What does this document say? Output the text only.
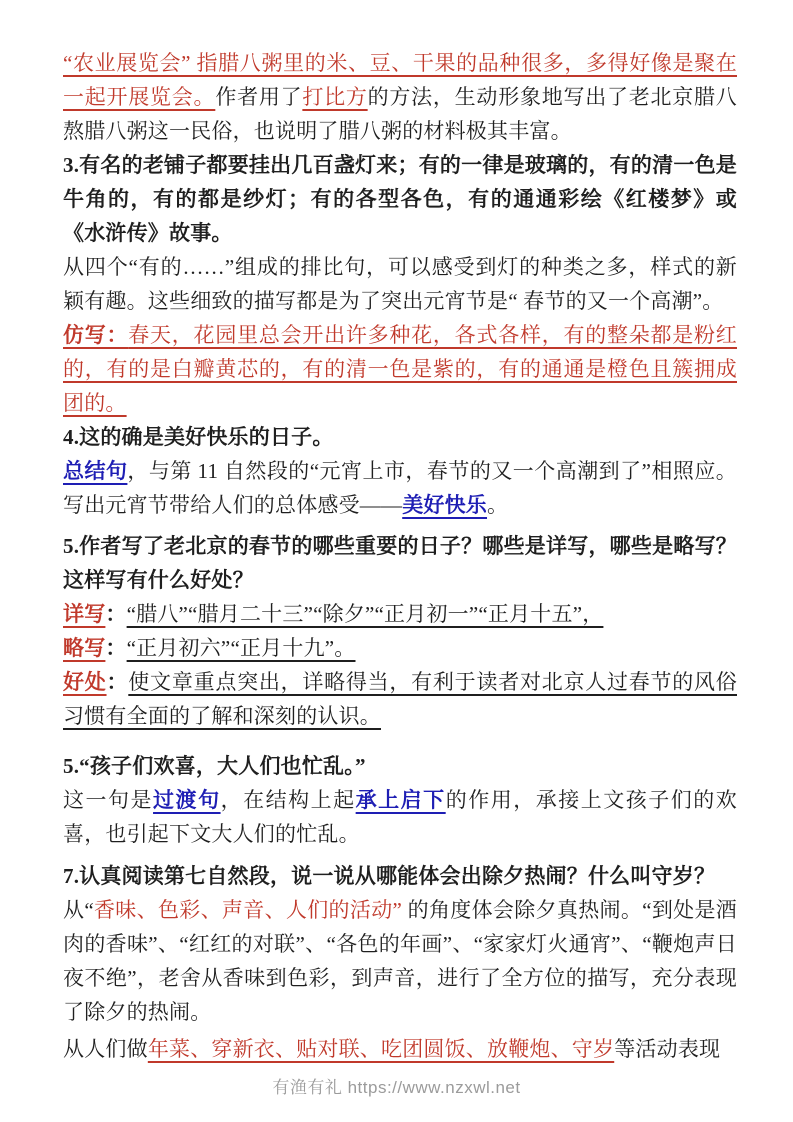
“农业展览会” 指腊八粥里的米、豆、干果的品种很多，多得好像是聚在一起开展览会。作者用了打比方的方法，生动形象地写出了老北京腊八熬腊八粥这一民俗，也说明了腊八粥的材料极其丰富。

3.有名的老铺子都要挂出几百盏灯来；有的一律是玻璃的，有的清一色是牛角的，有的都是纱灯；有的各型各色，有的通通彩绘《红楼梦》或《水浒传》故事。

从四个“有的……”组成的排比句，可以感受到灯的种类之多，样式的新颖有趣。这些细致的描写都是为了突出元宵节是“ 春节的又一个高潮”。

仿写：春天，花园里总会开出许多种花，各式各样，有的整朵都是粉红的，有的是白瓣黄芯的，有的清一色是紫的，有的通通是橙色且簇拥成团的。

4.这的确是美好快乐的日子。

总结句，与第 11 自然段的“元宵上市，春节的又一个高潮到了”相照应。写出元宵节带给人们的总体感受——美好快乐。

5.作者写了老北京的春节的哪些重要的日子？哪些是详写，哪些是略写？这样写有什么好处？

详写：“腊八”“腊月二十三”“除夕”“正月初一”“正月十五”，

略写：“正月初六”“正月十九”。

好处：使文章重点突出，详略得当，有利于读者对北京人过春节的风俗习惯有全面的了解和深刻的认识。

5.“孩子们欢喜，大人们也忙乱。”

这一句是过渡句，在结构上起承上启下的作用，承接上文孩子们的欢喜，也引起下文大人们的忙乱。

7.认真阅读第七自然段，说一说从哪能体会出除夕热闹？什么叫守岁？

从“香味、色彩、声音、人们的活动” 的角度体会除夕真热闹。“到处是酒肉的香味”、“红红的对联”、“各色的年画”、“家家灯火通宵”、“鞭炮声日夜不绝”，老舍从香味到色彩，到声音，进行了全方位的描写，充分表现了除夕的热闹。

从人们做年菜、穿新衣、贴对联、吃团圆饭、放鞭炮、守岁等活动表现

有渔有礼 https://www.nzxwl.net
